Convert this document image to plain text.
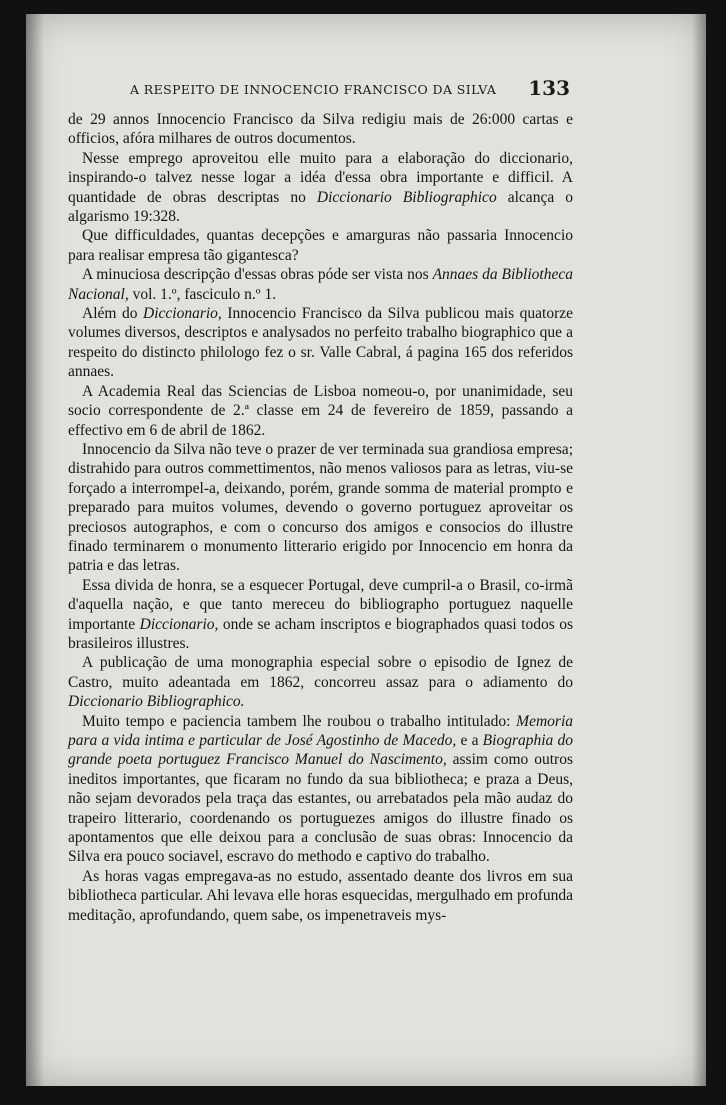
A RESPEITO DE INNOCENCIO FRANCISCO DA SILVA 133

de 29 annos Innocencio Francisco da Silva redigiu mais de 26:000 cartas e officios, afóra milhares de outros documentos.

Nesse emprego aproveitou elle muito para a elaboração do diccionario, inspirando-o talvez nesse logar a idéa d'essa obra importante e difficil. A quantidade de obras descriptas no Diccionario Bibliographico alcança o algarismo 19:328.

Que difficuldades, quantas decepções e amarguras não passaria Innocencio para realisar empresa tão gigantesca?

A minuciosa descripção d'essas obras póde ser vista nos Annaes da Bibliotheca Nacional, vol. 1.º, fasciculo n.º 1.

Além do Diccionario, Innocencio Francisco da Silva publicou mais quatorze volumes diversos, descriptos e analysados no perfeito trabalho biographico que a respeito do distincto philologo fez o sr. Valle Cabral, á pagina 165 dos referidos annaes.

A Academia Real das Sciencias de Lisboa nomeou-o, por unanimidade, seu socio correspondente de 2.ª classe em 24 de fevereiro de 1859, passando a effectivo em 6 de abril de 1862.

Innocencio da Silva não teve o prazer de ver terminada sua grandiosa empresa; distrahido para outros commettimentos, não menos valiosos para as letras, viu-se forçado a interrompel-a, deixando, porém, grande somma de material prompto e preparado para muitos volumes, devendo o governo portuguez aproveitar os preciosos autographos, e com o concurso dos amigos e consocios do illustre finado terminarem o monumento litterario erigido por Innocencio em honra da patria e das letras.

Essa divida de honra, se a esquecer Portugal, deve cumpril-a o Brasil, co-irmã d'aquella nação, e que tanto mereceu do bibliographo portuguez naquelle importante Diccionario, onde se acham inscriptos e biographados quasi todos os brasileiros illustres.

A publicação de uma monographia especial sobre o episodio de Ignez de Castro, muito adeantada em 1862, concorreu assaz para o adiamento do Diccionario Bibliographico.

Muito tempo e paciencia tambem lhe roubou o trabalho intitulado: Memoria para a vida intima e particular de José Agostinho de Macedo, e a Biographia do grande poeta portuguez Francisco Manuel do Nascimento, assim como outros ineditos importantes, que ficaram no fundo da sua bibliotheca; e praza a Deus, não sejam devorados pela traça das estantes, ou arrebatados pela mão audaz do trapeiro litterario, coordenando os portuguezes amigos do illustre finado os apontamentos que elle deixou para a conclusão de suas obras: Innocencio da Silva era pouco sociavel, escravo do methodo e captivo do trabalho.

As horas vagas empregava-as no estudo, assentado deante dos livros em sua bibliotheca particular. Ahi levava elle horas esquecidas, mergulhado em profunda meditação, aprofundando, quem sabe, os impenetraveis mys-
